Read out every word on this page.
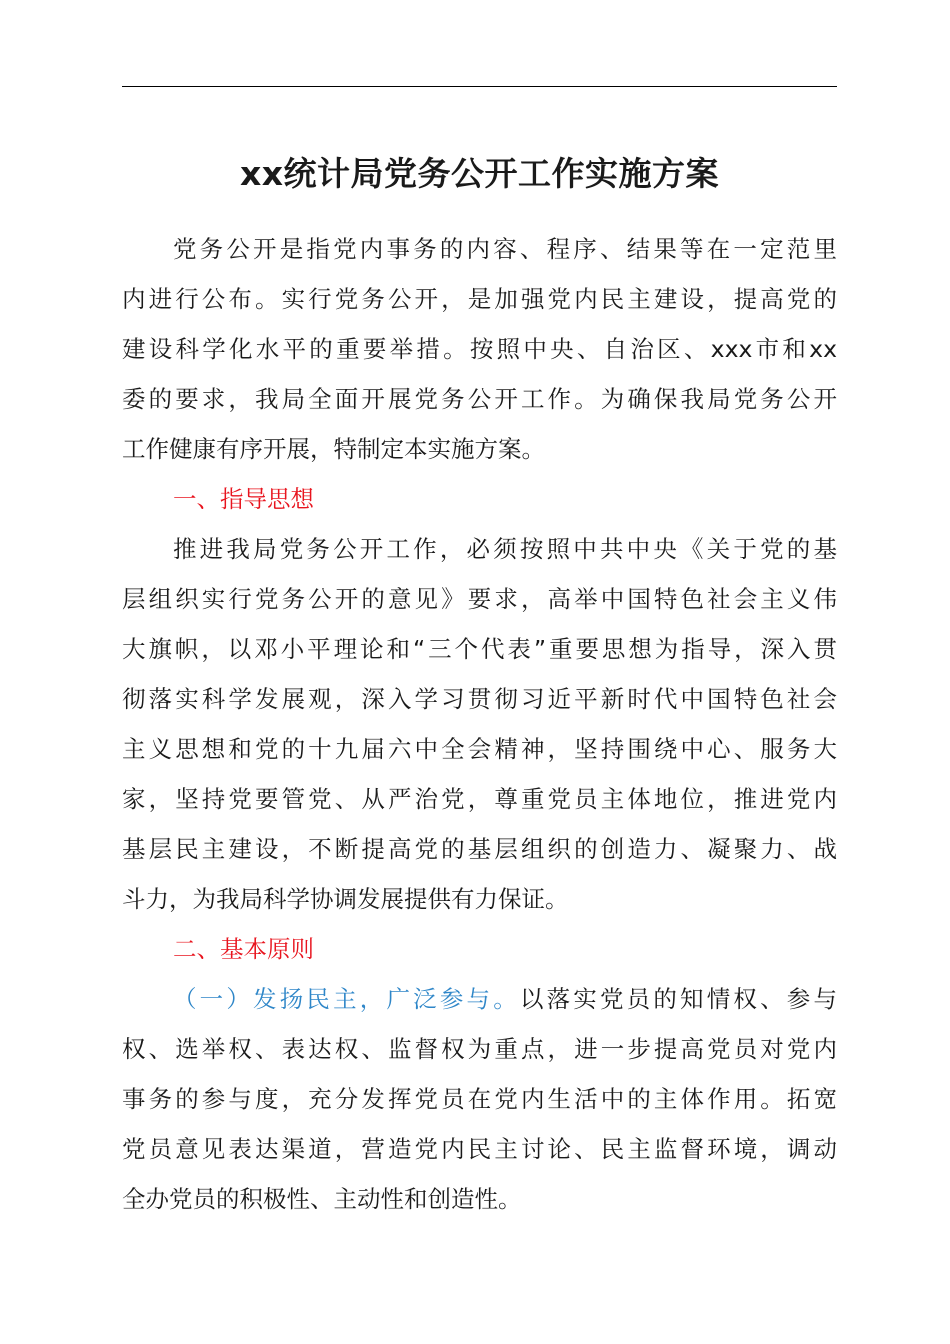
xx统计局党务公开工作实施方案
党务公开是指党内事务的内容、程序、结果等在一定范里
内进行公布。实行党务公开，是加强党内民主建设，提高党的
建设科学化水平的重要举措。按照中央、自治区、xxx市和xx
委的要求，我局全面开展党务公开工作。为确保我局党务公开
工作健康有序开展，特制定本实施方案。
一、指导思想
推进我局党务公开工作，必须按照中共中央《关于党的基
层组织实行党务公开的意见》要求，高举中国特色社会主义伟
大旗帜，以邓小平理论和“三个代表”重要思想为指导，深入贯
彻落实科学发展观，深入学习贯彻习近平新时代中国特色社会
主义思想和党的十九届六中全会精神，坚持围绕中心、服务大
家，坚持党要管党、从严治党，尊重党员主体地位，推进党内
基层民主建设，不断提高党的基层组织的创造力、凝聚力、战
斗力，为我局科学协调发展提供有力保证。
二、基本原则
（一）发扬民主，广泛参与。以落实党员的知情权、参与
权、选举权、表达权、监督权为重点，进一步提高党员对党内
事务的参与度，充分发挥党员在党内生活中的主体作用。拓宽
党员意见表达渠道，营造党内民主讨论、民主监督环境，调动
全办党员的积极性、主动性和创造性。
